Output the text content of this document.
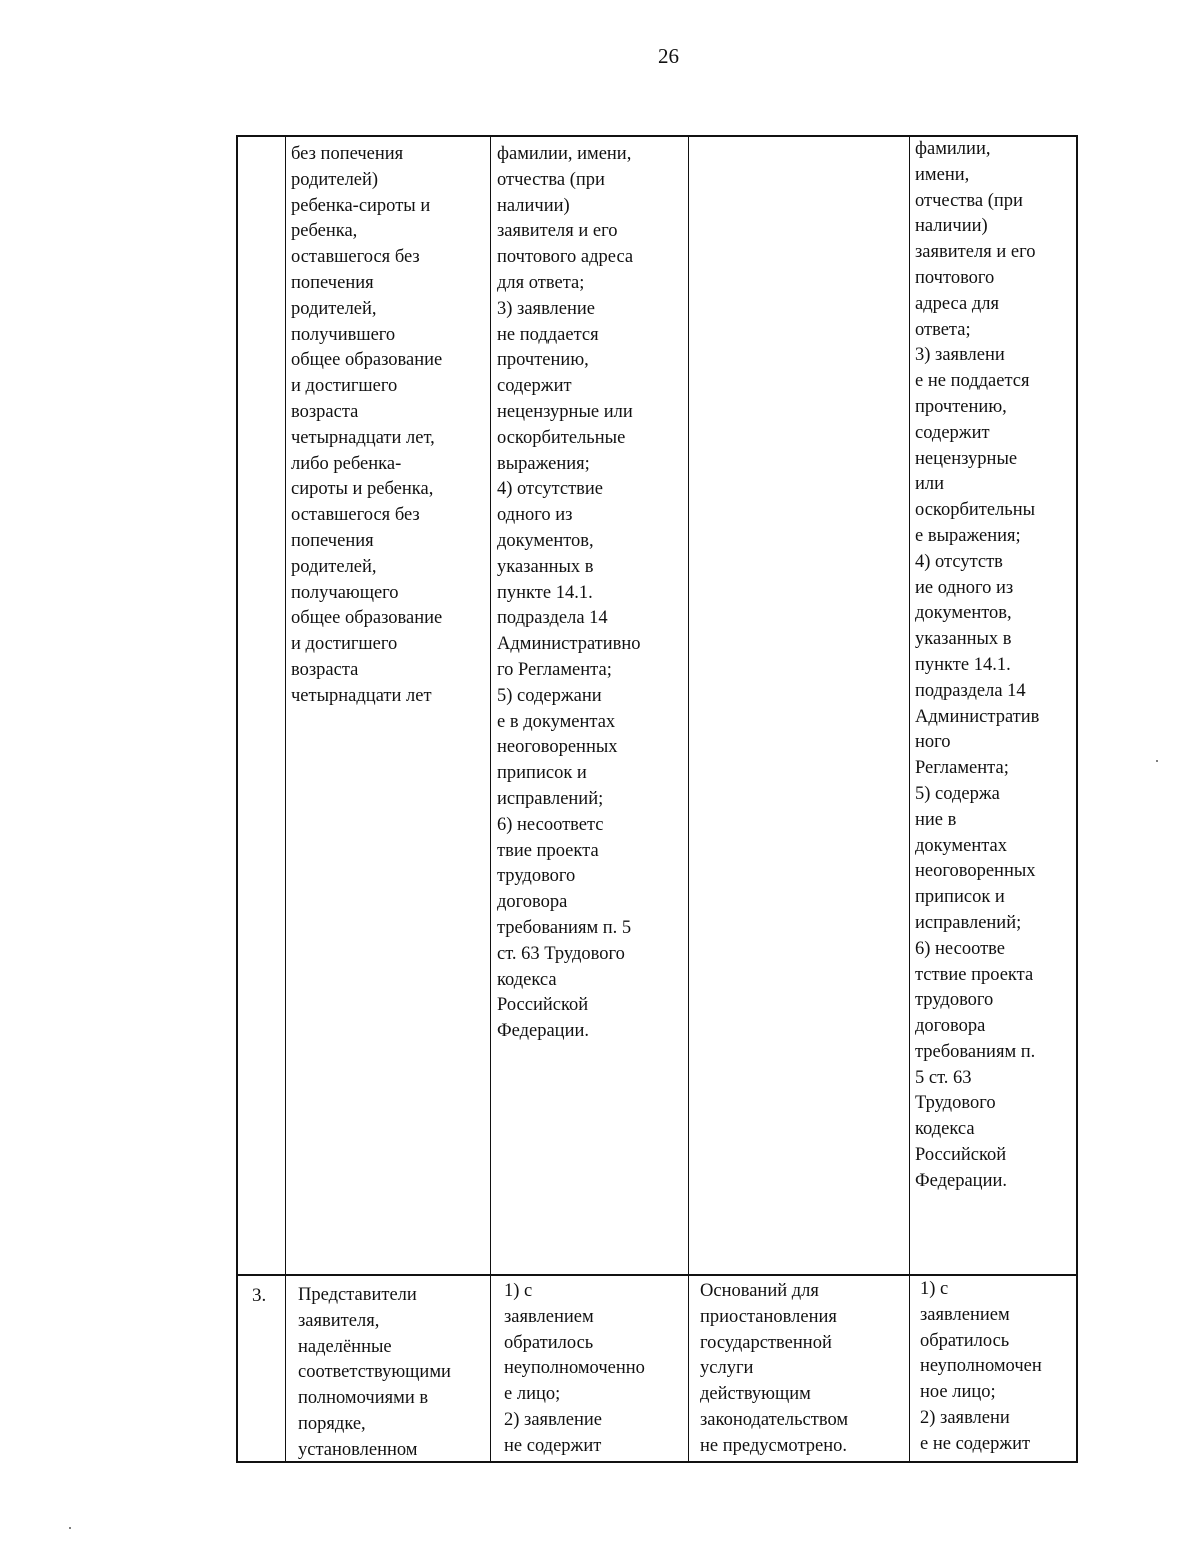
26
без попечения
родителей)
ребенка-сироты и
ребенка,
оставшегося без
попечения
родителей,
получившего
общее образование
и достигшего
возраста
четырнадцати лет,
либо ребенка-
сироты и ребенка,
оставшегося без
попечения
родителей,
получающего
общее образование
и достигшего
возраста
четырнадцати лет
фамилии, имени,
отчества (при
наличии)
заявителя и его
почтового адреса
для ответа;
3) заявление
не поддается
прочтению,
содержит
нецензурные или
оскорбительные
выражения;
4) отсутствие
одного из
документов,
указанных в
пункте 14.1.
подраздела 14
Административно
го Регламента;
5) содержани
е в документах
неоговоренных
приписок и
исправлений;
6) несоответс
твие проекта
трудового
договора
требованиям п. 5
ст. 63 Трудового
кодекса
Российской
Федерации.
фамилии,
имени,
отчества (при
наличии)
заявителя и его
почтового
адреса для
ответа;
3) заявлени
е не поддается
прочтению,
содержит
нецензурные
или
оскорбительны
е выражения;
4) отсутств
ие одного из
документов,
указанных в
пункте 14.1.
подраздела 14
Административ
ного
Регламента;
5) содержа
ние в
документах
неоговоренных
приписок и
исправлений;
6) несоотве
тствие проекта
трудового
договора
требованиям п.
5 ст. 63
Трудового
кодекса
Российской
Федерации.
3.	Представители
заявителя,
наделённые
соответствующими
полномочиями в
порядке,
установленном
1) с
заявлением
обратилось
неуполномоченно
е лицо;
2) заявление
не содержит
Оснований для
приостановления
государственной
услуги
действующим
законодательством
не предусмотрено.
1) с
заявлением
обратилось
неуполномочен
ное лицо;
2) заявлени
е не содержит
